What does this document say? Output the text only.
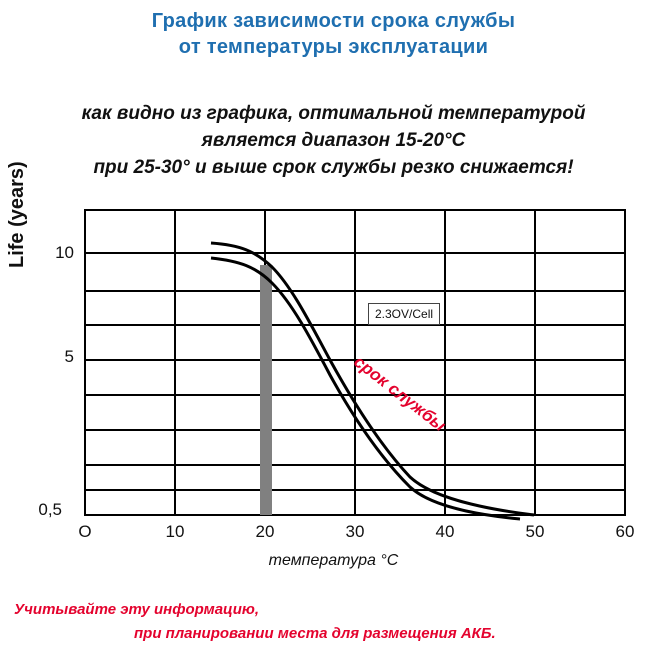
График зависимости срока службы
от температуры эксплуатации
как видно из графика, оптимальной температурой
является диапазон 15-20°C
при 25-30° и выше срок службы резко снижается!
Life (years)
температура °C
10
5
0,5
O	10	20	30	40	50	60
2.3OV/Cell
срок службы
Учитывайте эту информацию,
при планировании места для размещения АКБ.
